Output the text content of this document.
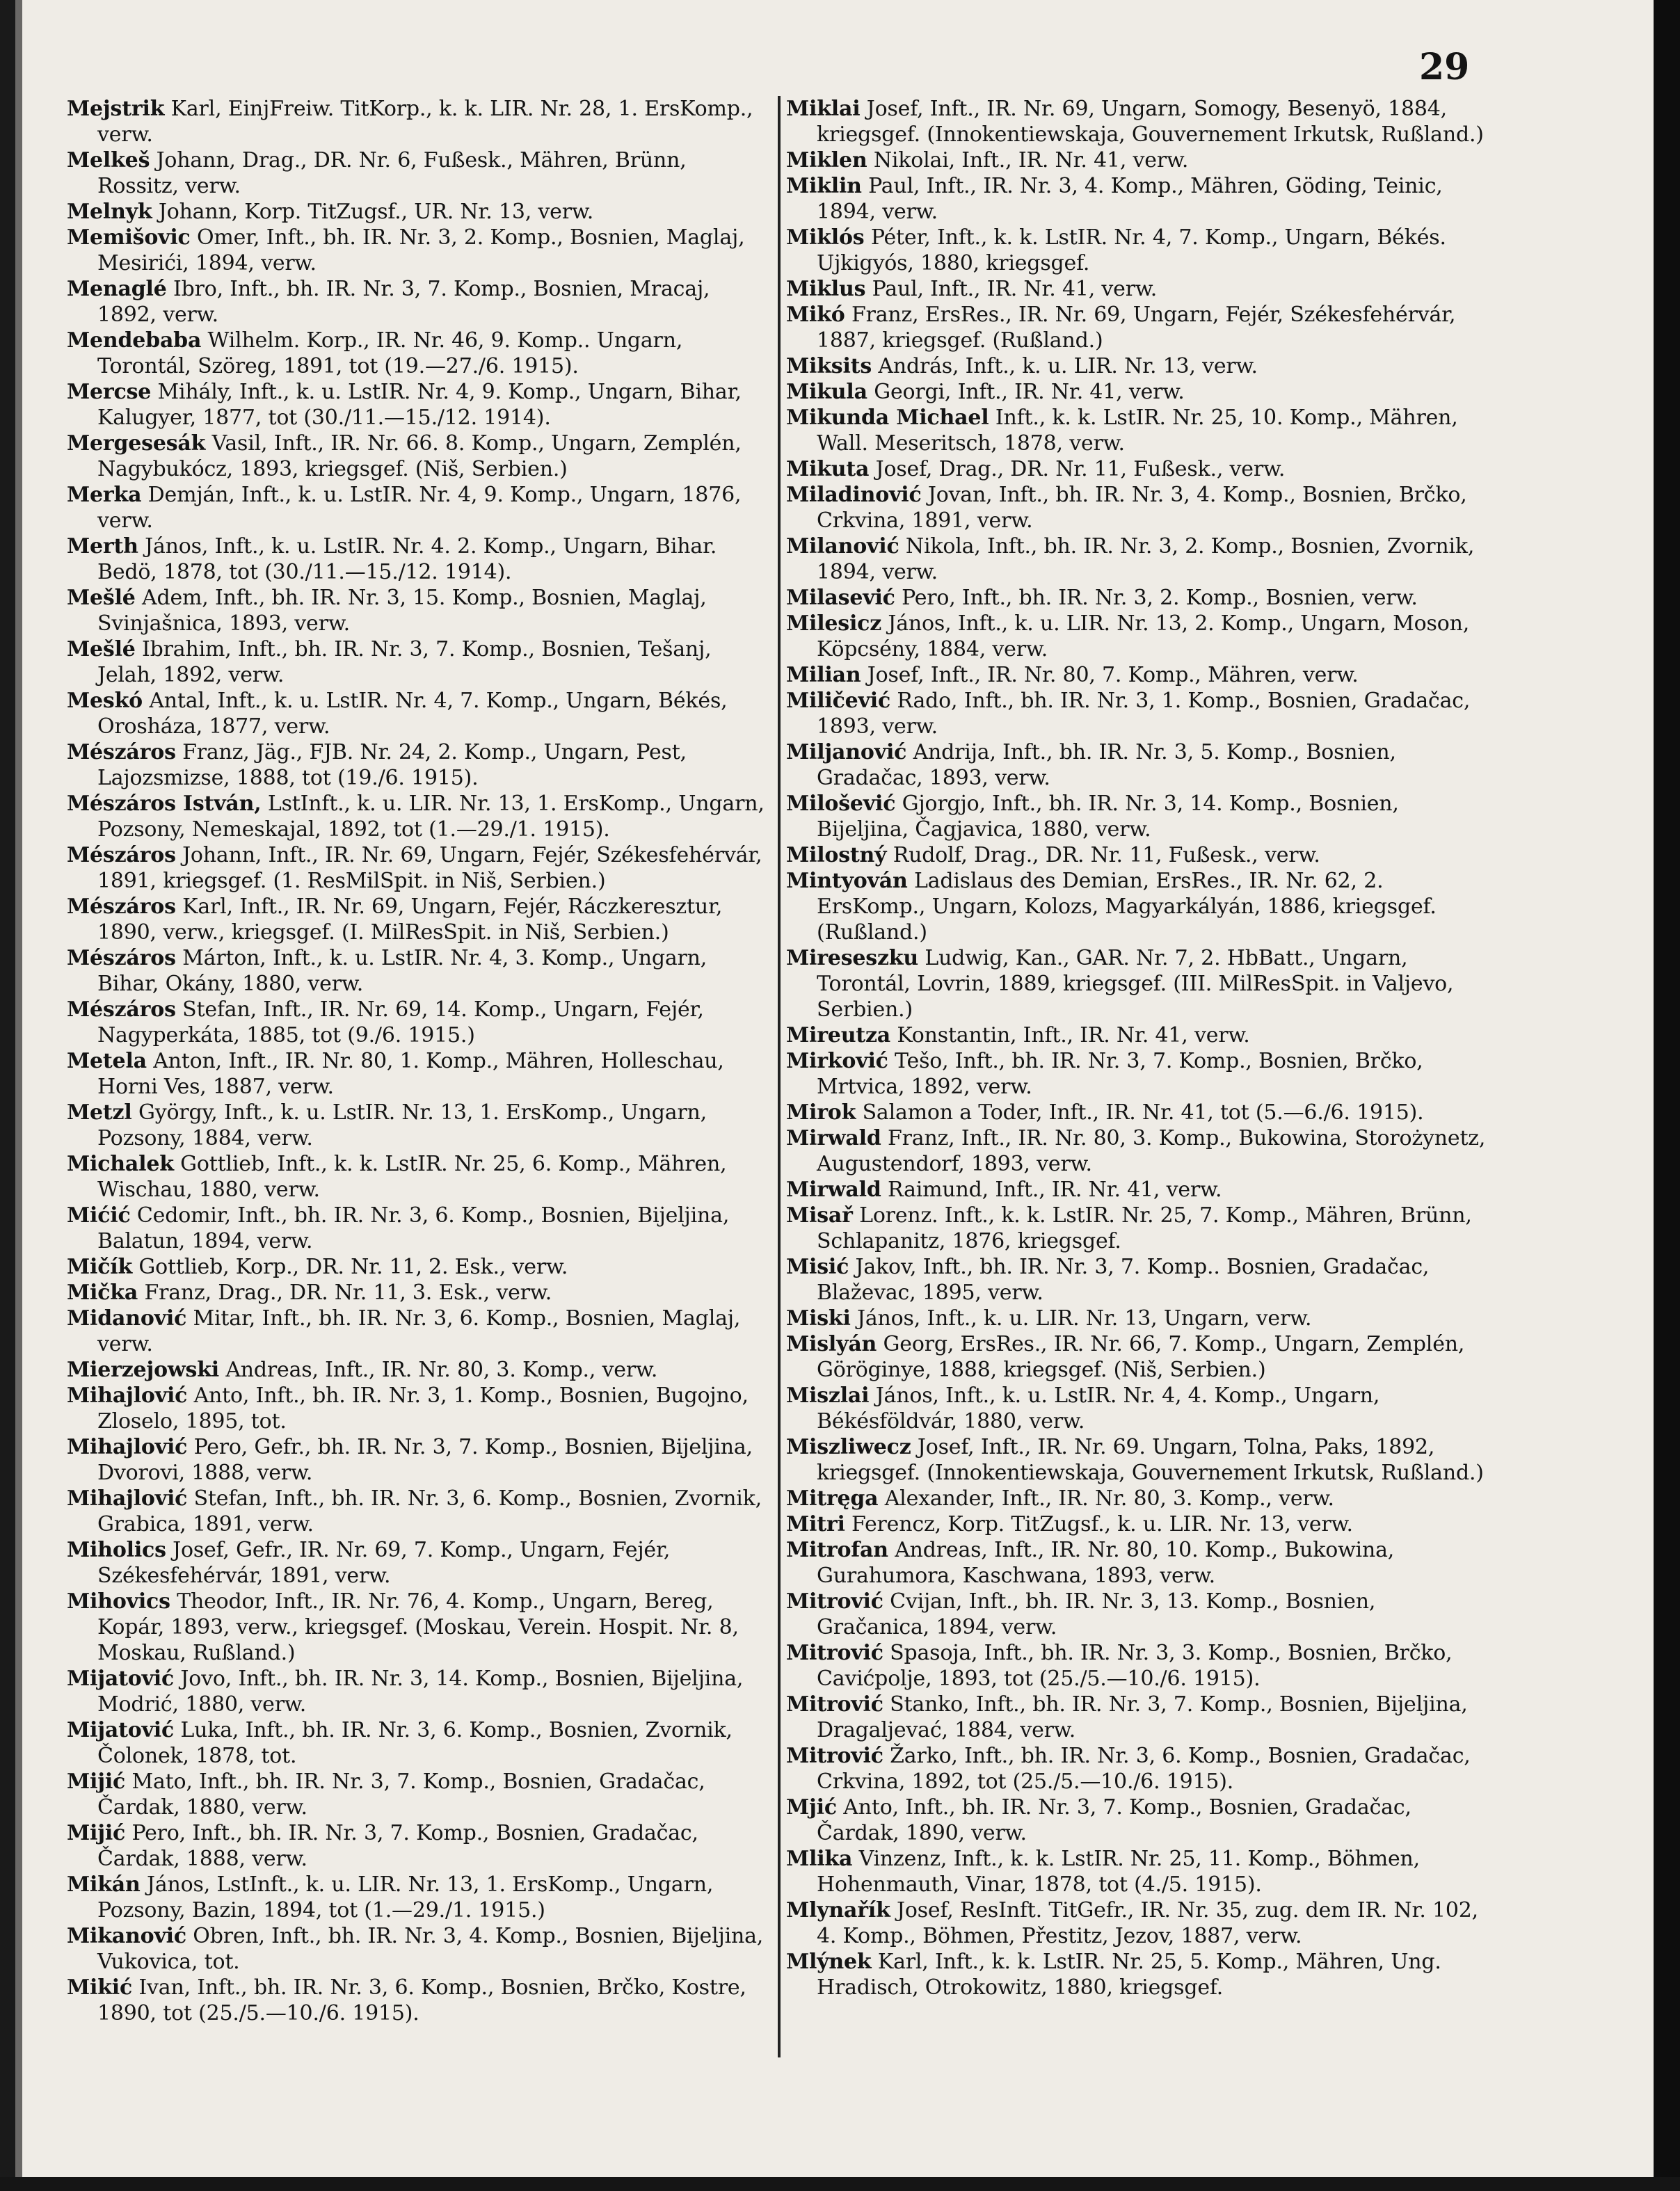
29
Mejstrik Karl, EinjFreiw. TitKorp., k. k. LIR. Nr. 28, 1. ErsKomp., verw.
Melkeš Johann, Drag., DR. Nr. 6, Fußesk., Mähren, Brünn, Rossitz, verw.
Melnyk Johann, Korp. TitZugsf., UR. Nr. 13, verw.
Memišovic Omer, Inft., bh. IR. Nr. 3, 2. Komp., Bosnien, Maglaj, Mesirići, 1894, verw.
Menaglé Ibro, Inft., bh. IR. Nr. 3, 7. Komp., Bosnien, Mracaj, 1892, verw.
Mendebaba Wilhelm. Korp., IR. Nr. 46, 9. Komp.. Ungarn, Torontál, Szöreg, 1891, tot (19.—27./6. 1915).
Mercse Mihály, Inft., k. u. LstIR. Nr. 4, 9. Komp., Ungarn, Bihar, Kalugyer, 1877, tot (30./11.—15./12. 1914).
Mergesesák Vasil, Inft., IR. Nr. 66. 8. Komp., Ungarn, Zemplén, Nagybukócz, 1893, kriegsgef. (Niš, Serbien.)
Merka Demján, Inft., k. u. LstIR. Nr. 4, 9. Komp., Ungarn, 1876, verw.
Merth János, Inft., k. u. LstIR. Nr. 4. 2. Komp., Ungarn, Bihar. Bedö, 1878, tot (30./11.—15./12. 1914).
Mešlé Adem, Inft., bh. IR. Nr. 3, 15. Komp., Bosnien, Maglaj, Svinjašnica, 1893, verw.
Mešlé Ibrahim, Inft., bh. IR. Nr. 3, 7. Komp., Bosnien, Tešanj, Jelah, 1892, verw.
Meskó Antal, Inft., k. u. LstIR. Nr. 4, 7. Komp., Ungarn, Békés, Orosháza, 1877, verw.
Mészáros Franz, Jäg., FJB. Nr. 24, 2. Komp., Ungarn, Pest, Lajozsmizse, 1888, tot (19./6. 1915).
Mészáros István, LstInft., k. u. LIR. Nr. 13, 1. ErsKomp., Ungarn, Pozsony, Nemeskajal, 1892, tot (1.—29./1. 1915).
Mészáros Johann, Inft., IR. Nr. 69, Ungarn, Fejér, Székesfehérvár, 1891, kriegsgef. (1. ResMilSpit. in Niš, Serbien.)
Mészáros Karl, Inft., IR. Nr. 69, Ungarn, Fejér, Ráczkeresztur, 1890, verw., kriegsgef. (I. MilResSpit. in Niš, Serbien.)
Mészáros Márton, Inft., k. u. LstIR. Nr. 4, 3. Komp., Ungarn, Bihar, Okány, 1880, verw.
Mészáros Stefan, Inft., IR. Nr. 69, 14. Komp., Ungarn, Fejér, Nagyperkáta, 1885, tot (9./6. 1915.)
Metela Anton, Inft., IR. Nr. 80, 1. Komp., Mähren, Holleschau, Horni Ves, 1887, verw.
Metzl György, Inft., k. u. LstIR. Nr. 13, 1. ErsKomp., Ungarn, Pozsony, 1884, verw.
Michalek Gottlieb, Inft., k. k. LstIR. Nr. 25, 6. Komp., Mähren, Wischau, 1880, verw.
Mićić Cedomir, Inft., bh. IR. Nr. 3, 6. Komp., Bosnien, Bijeljina, Balatun, 1894, verw.
Mičík Gottlieb, Korp., DR. Nr. 11, 2. Esk., verw.
Mička Franz, Drag., DR. Nr. 11, 3. Esk., verw.
Midanović Mitar, Inft., bh. IR. Nr. 3, 6. Komp., Bosnien, Maglaj, verw.
Mierzejowski Andreas, Inft., IR. Nr. 80, 3. Komp., verw.
Mihajlović Anto, Inft., bh. IR. Nr. 3, 1. Komp., Bosnien, Bugojno, Zloselo, 1895, tot.
Mihajlović Pero, Gefr., bh. IR. Nr. 3, 7. Komp., Bosnien, Bijeljina, Dvorovi, 1888, verw.
Mihajlović Stefan, Inft., bh. IR. Nr. 3, 6. Komp., Bosnien, Zvornik, Grabica, 1891, verw.
Miholics Josef, Gefr., IR. Nr. 69, 7. Komp., Ungarn, Fejér, Székesfehérvár, 1891, verw.
Mihovics Theodor, Inft., IR. Nr. 76, 4. Komp., Ungarn, Bereg, Kopár, 1893, verw., kriegsgef. (Moskau, Verein. Hospit. Nr. 8, Moskau, Rußland.)
Mijatović Jovo, Inft., bh. IR. Nr. 3, 14. Komp., Bosnien, Bijeljina, Modrić, 1880, verw.
Mijatović Luka, Inft., bh. IR. Nr. 3, 6. Komp., Bosnien, Zvornik, Čolonek, 1878, tot.
Mijić Mato, Inft., bh. IR. Nr. 3, 7. Komp., Bosnien, Gradačac, Čardak, 1880, verw.
Mijić Pero, Inft., bh. IR. Nr. 3, 7. Komp., Bosnien, Gradačac, Čardak, 1888, verw.
Mikán János, LstInft., k. u. LIR. Nr. 13, 1. ErsKomp., Ungarn, Pozsony, Bazin, 1894, tot (1.—29./1. 1915.)
Mikanović Obren, Inft., bh. IR. Nr. 3, 4. Komp., Bosnien, Bijeljina, Vukovica, tot.
Mikić Ivan, Inft., bh. IR. Nr. 3, 6. Komp., Bosnien, Brčko, Kostre, 1890, tot (25./5.—10./6. 1915).
Miklai Josef, Inft., IR. Nr. 69, Ungarn, Somogy, Besenyö, 1884, kriegsgef. (Innokentiewskaja, Gouvernement Irkutsk, Rußland.)
Miklen Nikolai, Inft., IR. Nr. 41, verw.
Miklin Paul, Inft., IR. Nr. 3, 4. Komp., Mähren, Göding, Teinic, 1894, verw.
Miklós Péter, Inft., k. k. LstIR. Nr. 4, 7. Komp., Ungarn, Békés. Ujkigyós, 1880, kriegsgef.
Miklus Paul, Inft., IR. Nr. 41, verw.
Mikó Franz, ErsRes., IR. Nr. 69, Ungarn, Fejér, Székesfehérvár, 1887, kriegsgef. (Rußland.)
Miksits András, Inft., k. u. LIR. Nr. 13, verw.
Mikula Georgi, Inft., IR. Nr. 41, verw.
Mikunda Michael Inft., k. k. LstIR. Nr. 25, 10. Komp., Mähren, Wall. Meseritsch, 1878, verw.
Mikuta Josef, Drag., DR. Nr. 11, Fußesk., verw.
Miladinović Jovan, Inft., bh. IR. Nr. 3, 4. Komp., Bosnien, Brčko, Crkvina, 1891, verw.
Milanović Nikola, Inft., bh. IR. Nr. 3, 2. Komp., Bosnien, Zvornik, 1894, verw.
Milasević Pero, Inft., bh. IR. Nr. 3, 2. Komp., Bosnien, verw.
Milesicz János, Inft., k. u. LIR. Nr. 13, 2. Komp., Ungarn, Moson, Köpcsény, 1884, verw.
Milian Josef, Inft., IR. Nr. 80, 7. Komp., Mähren, verw.
Miličević Rado, Inft., bh. IR. Nr. 3, 1. Komp., Bosnien, Gradačac, 1893, verw.
Miljanović Andrija, Inft., bh. IR. Nr. 3, 5. Komp., Bosnien, Gradačac, 1893, verw.
Milošević Gjorgjo, Inft., bh. IR. Nr. 3, 14. Komp., Bosnien, Bijeljina, Čagjavica, 1880, verw.
Milostný Rudolf, Drag., DR. Nr. 11, Fußesk., verw.
Mintyován Ladislaus des Demian, ErsRes., IR. Nr. 62, 2. ErsKomp., Ungarn, Kolozs, Magyarkályán, 1886, kriegsgef. (Rußland.)
Mireseszku Ludwig, Kan., GAR. Nr. 7, 2. HbBatt., Ungarn, Torontál, Lovrin, 1889, kriegsgef. (III. MilResSpit. in Valjevo, Serbien.)
Mireutza Konstantin, Inft., IR. Nr. 41, verw.
Mirković Tešo, Inft., bh. IR. Nr. 3, 7. Komp., Bosnien, Brčko, Mrtvica, 1892, verw.
Mirok Salamon a Toder, Inft., IR. Nr. 41, tot (5.—6./6. 1915).
Mirwald Franz, Inft., IR. Nr. 80, 3. Komp., Bukowina, Storożynetz, Augustendorf, 1893, verw.
Mirwald Raimund, Inft., IR. Nr. 41, verw.
Misař Lorenz. Inft., k. k. LstIR. Nr. 25, 7. Komp., Mähren, Brünn, Schlapanitz, 1876, kriegsgef.
Misić Jakov, Inft., bh. IR. Nr. 3, 7. Komp.. Bosnien, Gradačac, Blaževac, 1895, verw.
Miski János, Inft., k. u. LIR. Nr. 13, Ungarn, verw.
Mislyán Georg, ErsRes., IR. Nr. 66, 7. Komp., Ungarn, Zemplén, Göröginye, 1888, kriegsgef. (Niš, Serbien.)
Miszlai János, Inft., k. u. LstIR. Nr. 4, 4. Komp., Ungarn, Békésföldvár, 1880, verw.
Miszliwecz Josef, Inft., IR. Nr. 69. Ungarn, Tolna, Paks, 1892, kriegsgef. (Innokentiewskaja, Gouvernement Irkutsk, Rußland.)
Mitręga Alexander, Inft., IR. Nr. 80, 3. Komp., verw.
Mitri Ferencz, Korp. TitZugsf., k. u. LIR. Nr. 13, verw.
Mitrofan Andreas, Inft., IR. Nr. 80, 10. Komp., Bukowina, Gurahumora, Kaschwana, 1893, verw.
Mitrović Cvijan, Inft., bh. IR. Nr. 3, 13. Komp., Bosnien, Gračanica, 1894, verw.
Mitrović Spasoja, Inft., bh. IR. Nr. 3, 3. Komp., Bosnien, Brčko, Cavićpolje, 1893, tot (25./5.—10./6. 1915).
Mitrović Stanko, Inft., bh. IR. Nr. 3, 7. Komp., Bosnien, Bijeljina, Dragaljevać, 1884, verw.
Mitrović Žarko, Inft., bh. IR. Nr. 3, 6. Komp., Bosnien, Gradačac, Crkvina, 1892, tot (25./5.—10./6. 1915).
Mjić Anto, Inft., bh. IR. Nr. 3, 7. Komp., Bosnien, Gradačac, Čardak, 1890, verw.
Mlika Vinzenz, Inft., k. k. LstIR. Nr. 25, 11. Komp., Böhmen, Hohenmauth, Vinar, 1878, tot (4./5. 1915).
Mlynařík Josef, ResInft. TitGefr., IR. Nr. 35, zug. dem IR. Nr. 102, 4. Komp., Böhmen, Přestitz, Jezov, 1887, verw.
Mlýnek Karl, Inft., k. k. LstIR. Nr. 25, 5. Komp., Mähren, Ung. Hradisch, Otrokowitz, 1880, kriegsgef.
